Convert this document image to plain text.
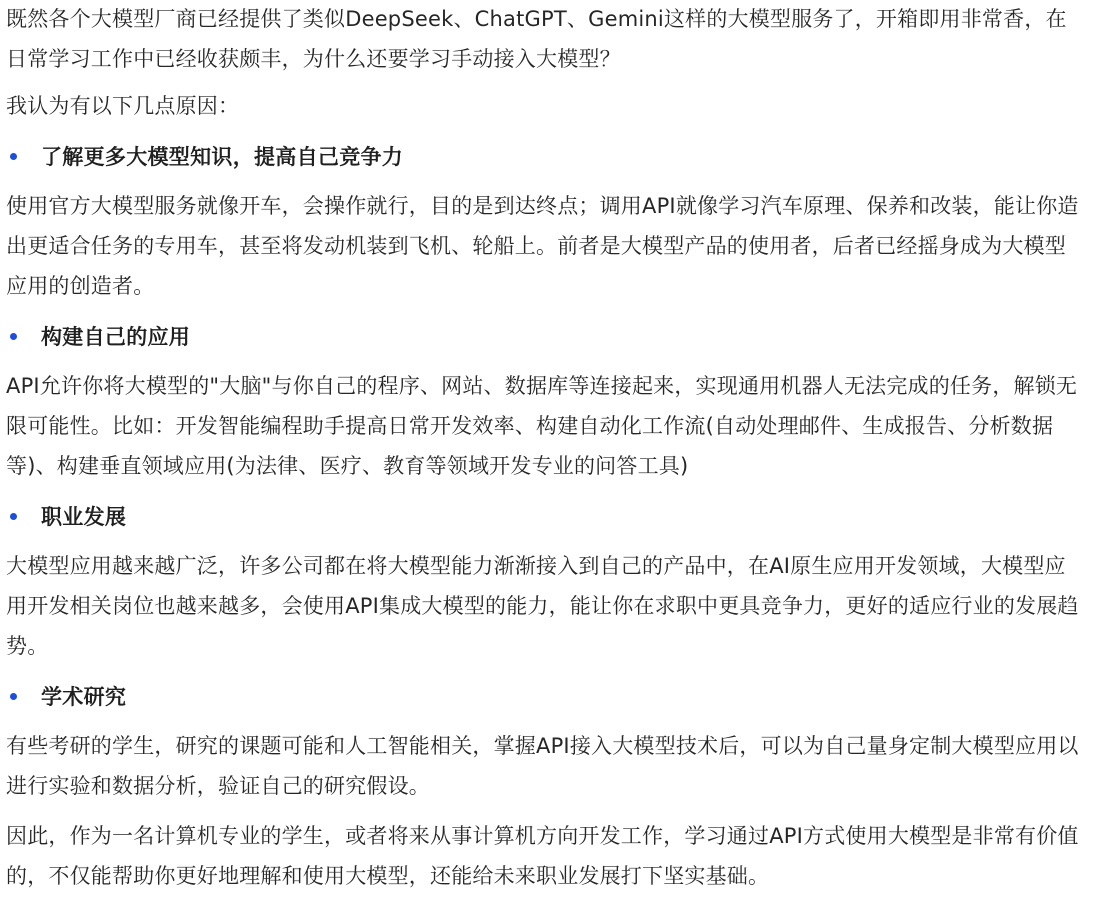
既然各个大模型厂商已经提供了类似DeepSeek、ChatGPT、Gemini这样的大模型服务了，开箱即用非常香，在日常学习工作中已经收获颇丰，为什么还要学习手动接入大模型？

我认为有以下几点原因：

了解更多大模型知识，提高自己竞争力

使用官方大模型服务就像开车，会操作就行，目的是到达终点；调用API就像学习汽车原理、保养和改装，能让你造出更适合任务的专用车，甚至将发动机装到飞机、轮船上。前者是大模型产品的使用者，后者已经摇身成为大模型应用的创造者。

构建自己的应用

API允许你将大模型的"大脑"与你自己的程序、网站、数据库等连接起来，实现通用机器人无法完成的任务，解锁无限可能性。比如：开发智能编程助手提高日常开发效率、构建自动化工作流(自动处理邮件、生成报告、分析数据等)、构建垂直领域应用(为法律、医疗、教育等领域开发专业的问答工具)

职业发展

大模型应用越来越广泛，许多公司都在将大模型能力渐渐接入到自己的产品中，在AI原生应用开发领域，大模型应用开发相关岗位也越来越多，会使用API集成大模型的能力，能让你在求职中更具竞争力，更好的适应行业的发展趋势。

学术研究

有些考研的学生，研究的课题可能和人工智能相关，掌握API接入大模型技术后，可以为自己量身定制大模型应用以进行实验和数据分析，验证自己的研究假设。

因此，作为一名计算机专业的学生，或者将来从事计算机方向开发工作，学习通过API方式使用大模型是非常有价值的，不仅能帮助你更好地理解和使用大模型，还能给未来职业发展打下坚实基础。
